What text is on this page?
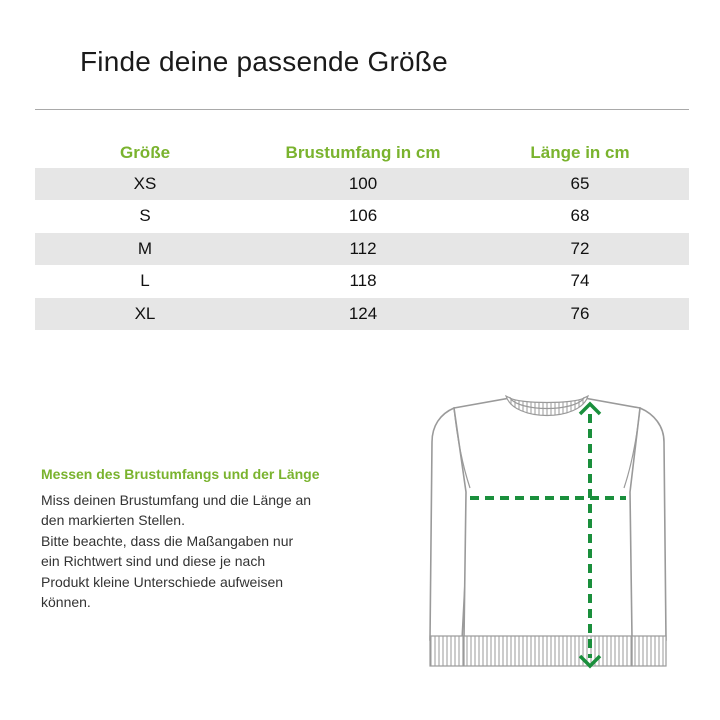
Finde deine passende Größe
Größe	Brustumfang in cm	Länge in cm
XS	100	65
S	106	68
M	112	72
L	118	74
XL	124	76

Messen des Brustumfangs und der Länge

Miss deinen Brustumfang und die Länge an
den markierten Stellen.
Bitte beachte, dass die Maßangaben nur
ein Richtwert sind und diese je nach
Produkt kleine Unterschiede aufweisen
können.
